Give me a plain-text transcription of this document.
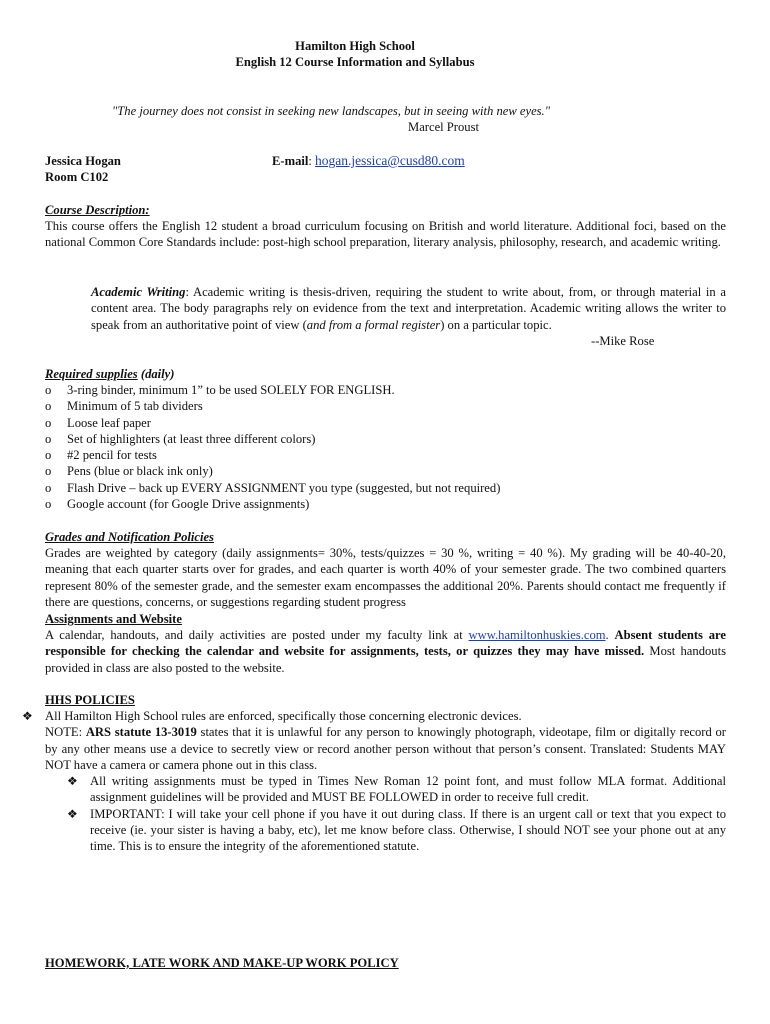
Hamilton High School
English 12 Course Information and Syllabus
"The journey does not consist in seeking new landscapes, but in seeing with new eyes."
Marcel Proust
Jessica Hogan
Room C102
E-mail: hogan.jessica@cusd80.com
Course Description:
This course offers the English 12 student a broad curriculum focusing on British and world literature. Additional foci, based on the national Common Core Standards include: post-high school preparation, literary analysis, philosophy, research, and academic writing.
Academic Writing: Academic writing is thesis-driven, requiring the student to write about, from, or through material in a content area. The body paragraphs rely on evidence from the text and interpretation. Academic writing allows the writer to speak from an authoritative point of view (and from a formal register) on a particular topic.
--Mike Rose
Required supplies (daily)
o 3-ring binder, minimum 1” to be used SOLELY FOR ENGLISH.
o Minimum of 5 tab dividers
o Loose leaf paper
o Set of highlighters (at least three different colors)
o #2 pencil for tests
o Pens (blue or black ink only)
o Flash Drive – back up EVERY ASSIGNMENT you type (suggested, but not required)
o Google account (for Google Drive assignments)
Grades and Notification Policies
Grades are weighted by category (daily assignments= 30%, tests/quizzes = 30 %, writing = 40 %). My grading will be 40-40-20, meaning that each quarter starts over for grades, and each quarter is worth 40% of your semester grade. The two combined quarters represent 80% of the semester grade, and the semester exam encompasses the additional 20%. Parents should contact me frequently if there are questions, concerns, or suggestions regarding student progress
Assignments and Website
A calendar, handouts, and daily activities are posted under my faculty link at www.hamiltonhuskies.com. Absent students are responsible for checking the calendar and website for assignments, tests, or quizzes they may have missed. Most handouts provided in class are also posted to the website.
HHS POLICIES
❖ All Hamilton High School rules are enforced, specifically those concerning electronic devices.
NOTE: ARS statute 13-3019 states that it is unlawful for any person to knowingly photograph, videotape, film or digitally record or by any other means use a device to secretly view or record another person without that person’s consent. Translated: Students MAY NOT have a camera or camera phone out in this class.
❖ All writing assignments must be typed in Times New Roman 12 point font, and must follow MLA format. Additional assignment guidelines will be provided and MUST BE FOLLOWED in order to receive full credit.
❖ IMPORTANT: I will take your cell phone if you have it out during class. If there is an urgent call or text that you expect to receive (ie. your sister is having a baby, etc), let me know before class. Otherwise, I should NOT see your phone out at any time. This is to ensure the integrity of the aforementioned statute.
HOMEWORK, LATE WORK AND MAKE-UP WORK POLICY
